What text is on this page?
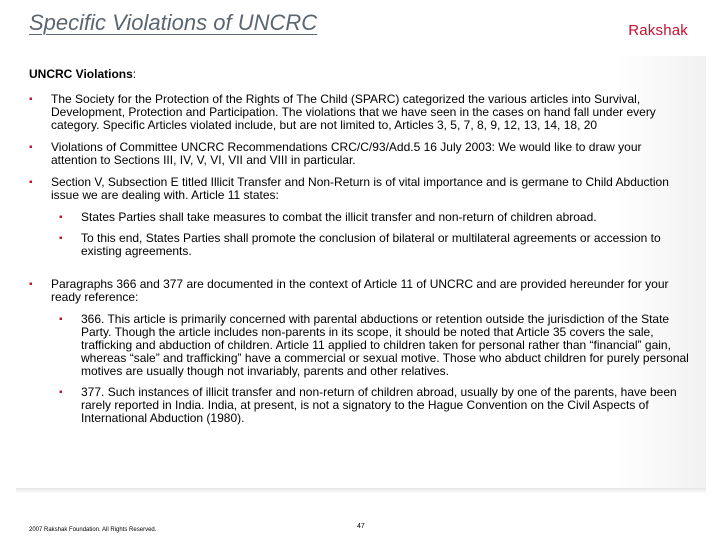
Specific Violations of UNCRC	Rakshak
UNCRC Violations:
▪ The Society for the Protection of the Rights of The Child (SPARC) categorized the various articles into Survival, Development, Protection and Participation. The violations that we have seen in the cases on hand fall under every category. Specific Articles violated include, but are not limited to, Articles 3, 5, 7, 8, 9, 12, 13, 14, 18, 20
▪ Violations of Committee UNCRC Recommendations CRC/C/93/Add.5 16 July 2003: We would like to draw your attention to Sections III, IV, V, VI, VII and VIII in particular.
▪ Section V, Subsection E titled Illicit Transfer and Non-Return is of vital importance and is germane to Child Abduction issue we are dealing with. Article 11 states:
▪ States Parties shall take measures to combat the illicit transfer and non-return of children abroad.
▪ To this end, States Parties shall promote the conclusion of bilateral or multilateral agreements or accession to existing agreements.
▪ Paragraphs 366 and 377 are documented in the context of Article 11 of UNCRC and are provided hereunder for your ready reference:
▪ 366. This article is primarily concerned with parental abductions or retention outside the jurisdiction of the State Party. Though the article includes non-parents in its scope, it should be noted that Article 35 covers the sale, trafficking and abduction of children. Article 11 applied to children taken for personal rather than “financial” gain, whereas “sale” and trafficking” have a commercial or sexual motive. Those who abduct children for purely personal motives are usually though not invariably, parents and other relatives.
▪ 377. Such instances of illicit transfer and non-return of children abroad, usually by one of the parents, have been rarely reported in India. India, at present, is not a signatory to the Hague Convention on the Civil Aspects of International Abduction (1980).
2007 Rakshak Foundation. All Rights Reserved.	47
